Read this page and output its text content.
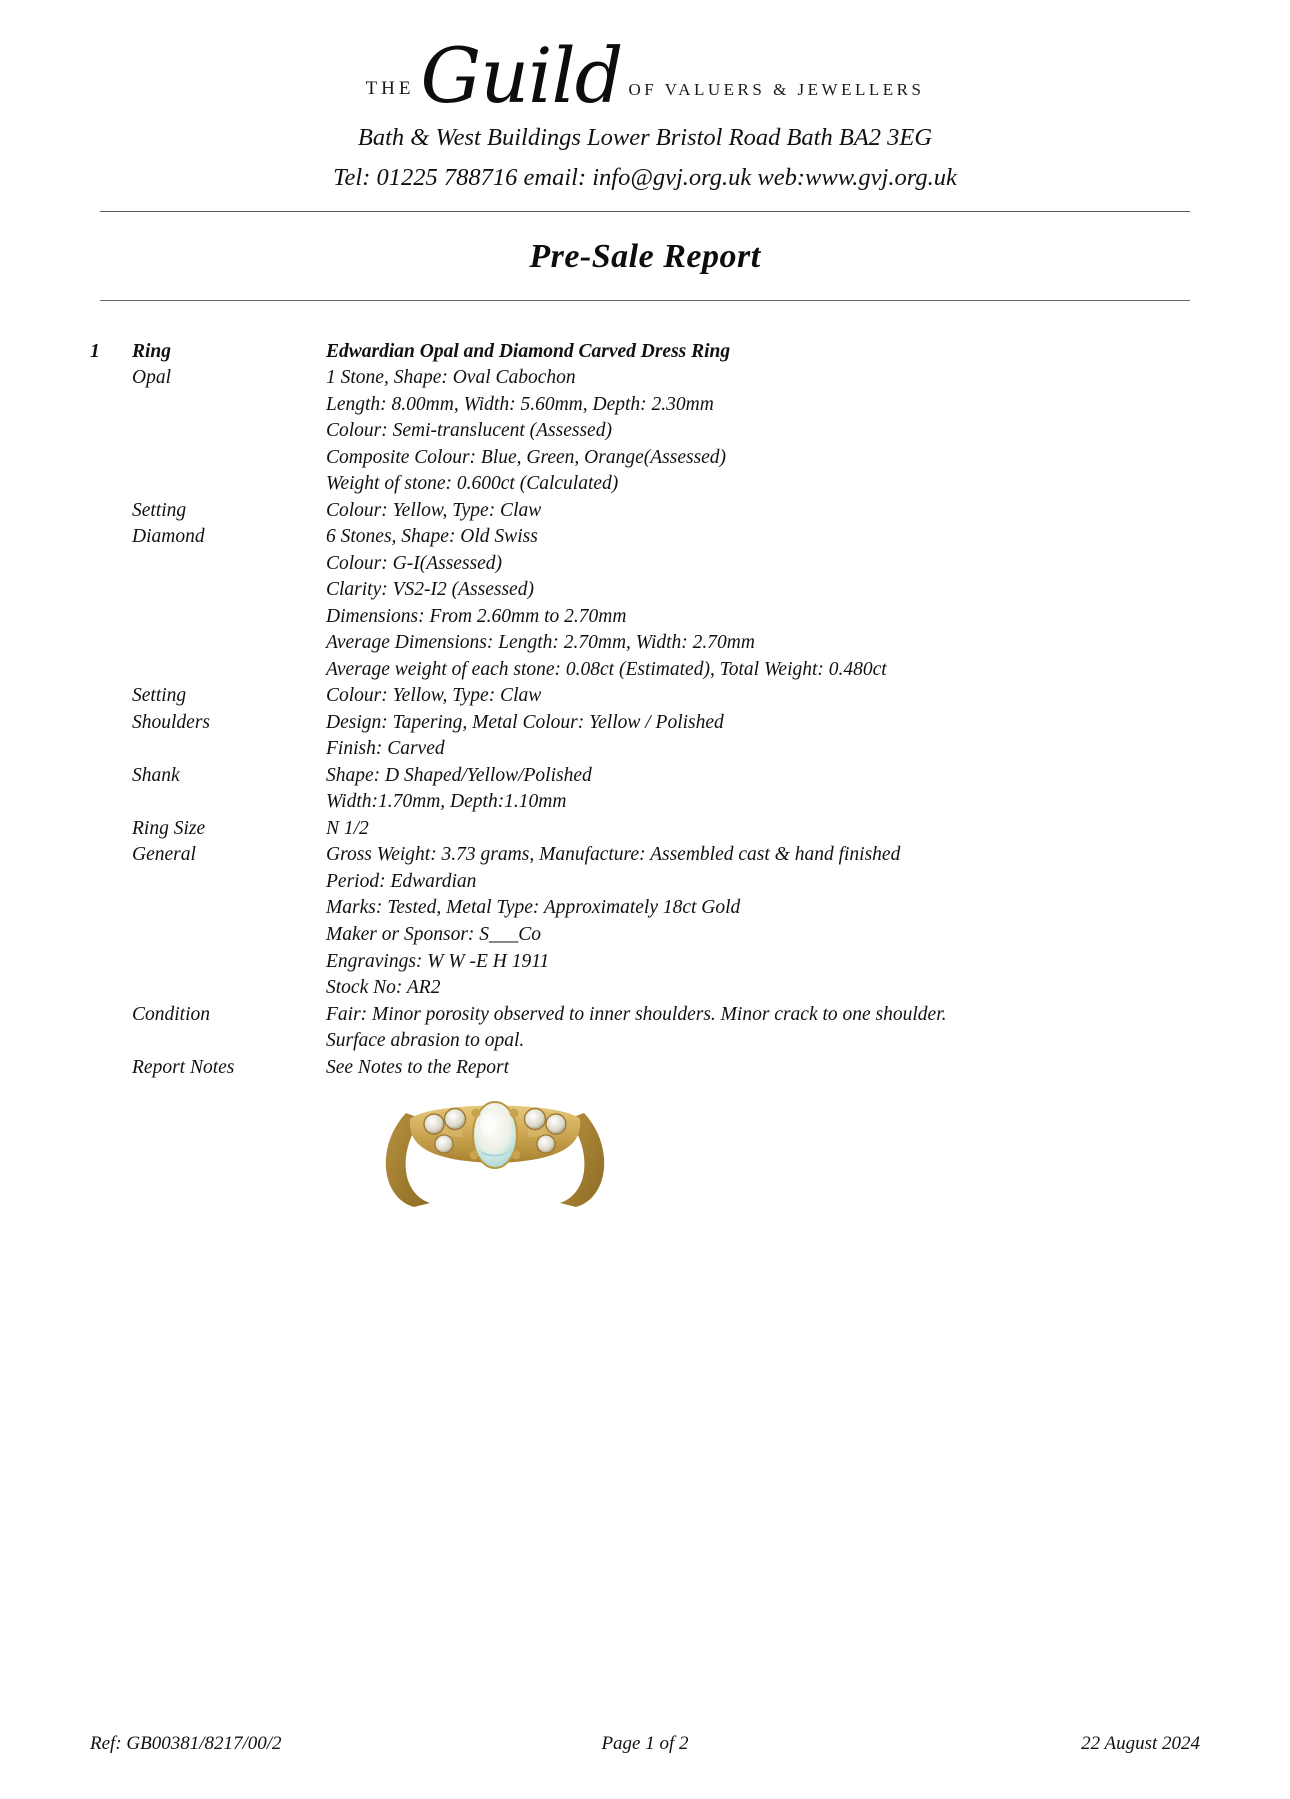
THE Guild OF VALUERS & JEWELLERS
Bath & West Buildings Lower Bristol Road Bath BA2 3EG
Tel: 01225 788716 email: info@gvj.org.uk web:www.gvj.org.uk
Pre-Sale Report
1	Ring	Edwardian Opal and Diamond Carved Dress Ring
	Opal	1 Stone, Shape: Oval Cabochon
		Length: 8.00mm, Width: 5.60mm, Depth: 2.30mm
		Colour: Semi-translucent (Assessed)
		Composite Colour: Blue, Green, Orange(Assessed)
		Weight of stone: 0.600ct (Calculated)
	Setting	Colour: Yellow, Type: Claw
	Diamond	6 Stones, Shape: Old Swiss
		Colour: G-I(Assessed)
		Clarity: VS2-I2 (Assessed)
		Dimensions: From 2.60mm to 2.70mm
		Average Dimensions: Length: 2.70mm, Width: 2.70mm
		Average weight of each stone: 0.08ct (Estimated), Total Weight: 0.480ct
	Setting	Colour: Yellow, Type: Claw
	Shoulders	Design: Tapering, Metal Colour: Yellow / Polished
		Finish: Carved
	Shank	Shape: D Shaped/Yellow/Polished
		Width:1.70mm, Depth:1.10mm
	Ring Size	N 1/2
	General	Gross Weight: 3.73 grams, Manufacture: Assembled cast & hand finished
		Period: Edwardian
		Marks: Tested, Metal Type: Approximately 18ct Gold
		Maker or Sponsor: S___Co
		Engravings: W W -E H 1911
		Stock No: AR2
	Condition	Fair: Minor porosity observed to inner shoulders. Minor crack to one shoulder.
		Surface abrasion to opal.
	Report Notes	See Notes to the Report
Ref: GB00381/8217/00/2	Page 1 of 2	22 August 2024
